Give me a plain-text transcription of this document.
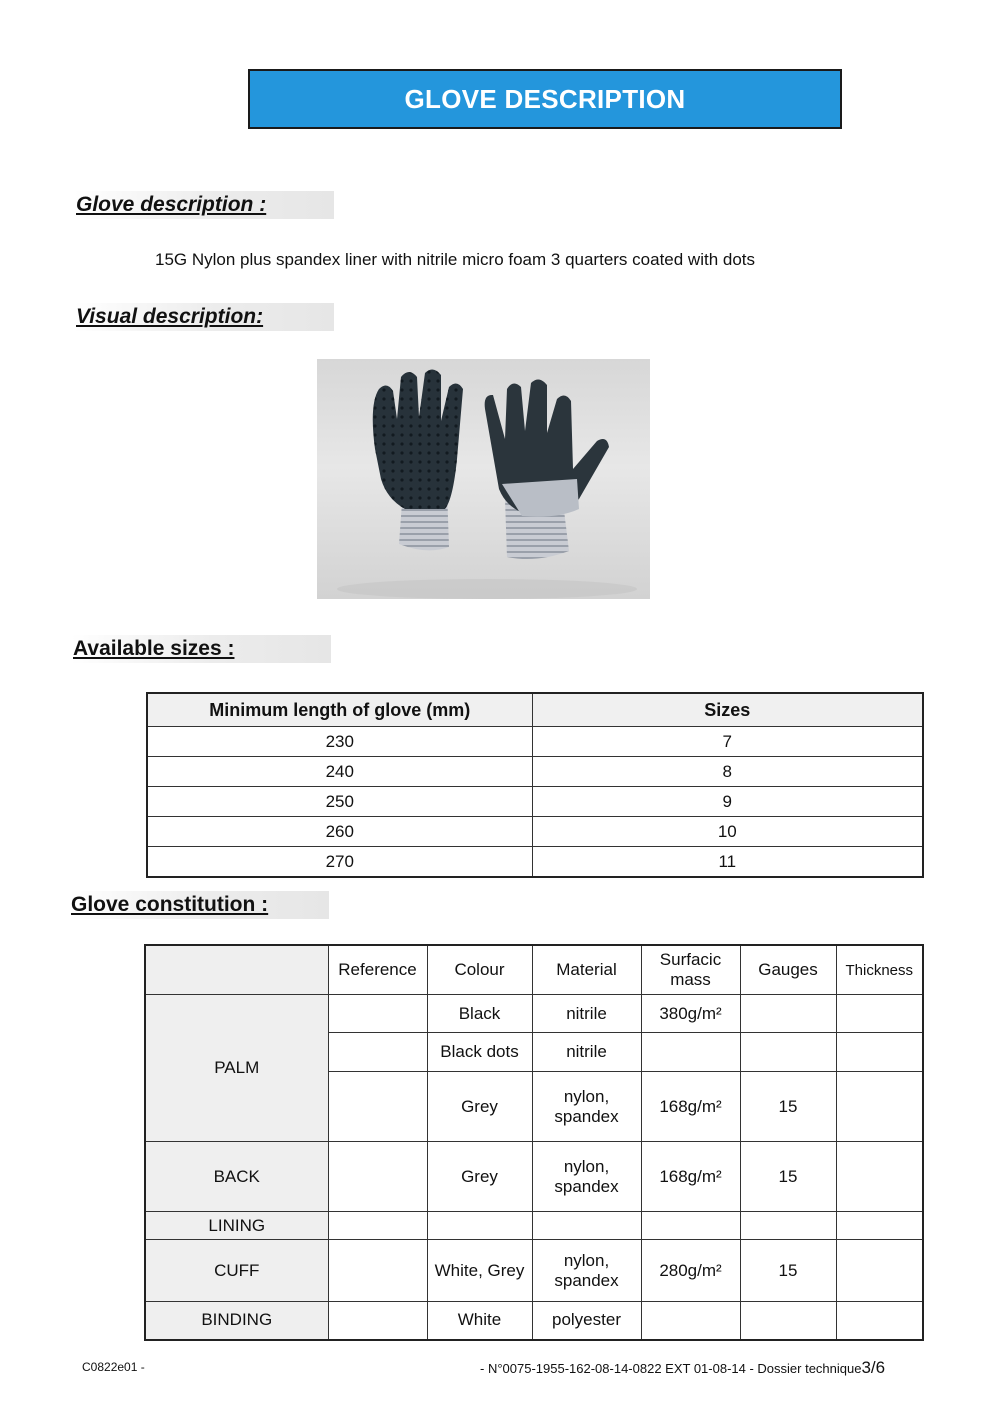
GLOVE DESCRIPTION
Glove description :
15G Nylon plus spandex liner with nitrile micro foam 3 quarters coated with dots
Visual description:
Available sizes :
Minimum length of glove (mm)	Sizes
230	7
240	8
250	9
260	10
270	11
Glove constitution :
	Reference	Colour	Material	Surfacic mass	Gauges	Thickness
PALM		Black	nitrile	380g/m²		
		Black dots	nitrile			
		Grey	nylon, spandex	168g/m²	15	
BACK		Grey	nylon, spandex	168g/m²	15	
LINING						
CUFF		White, Grey	nylon, spandex	280g/m²	15	
BINDING		White	polyester			
C0822e01 -	- N°0075-1955-162-08-14-0822 EXT 01-08-14 - Dossier technique3/6
